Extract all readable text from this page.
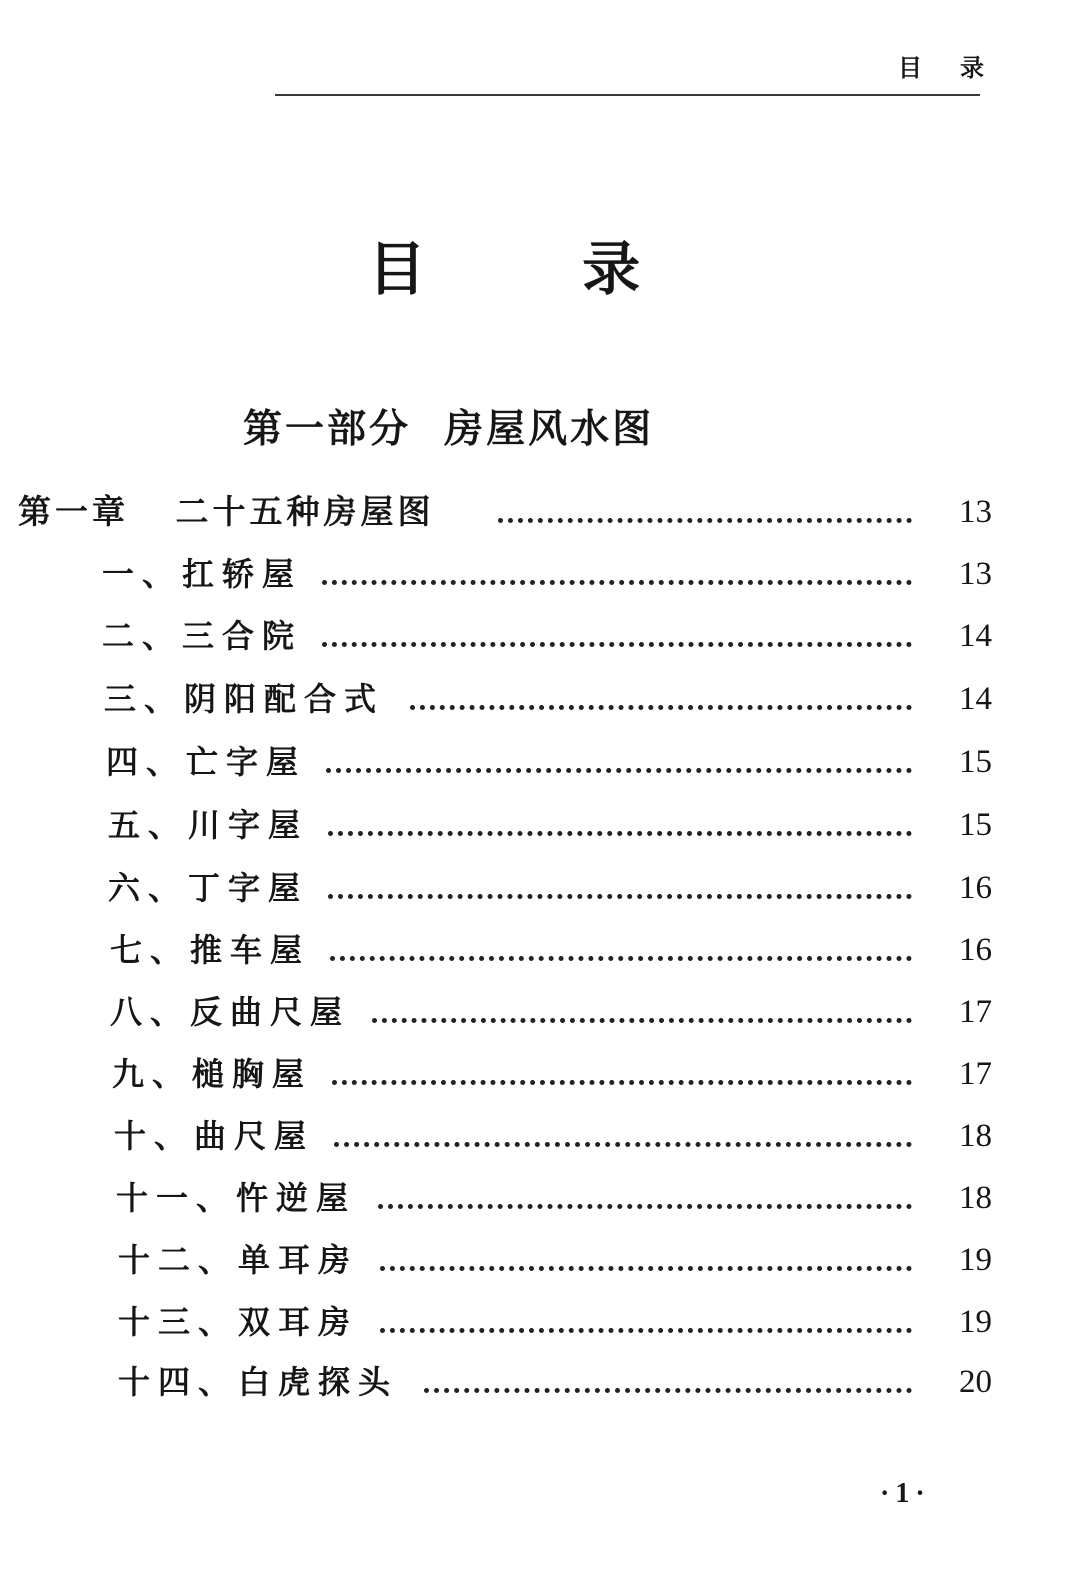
目录
目 录
第一部分  房屋风水图
第一章   二十五种房屋图	13
一、扛轿屋	13
二、三合院	14
三、阴阳配合式	14
四、亡字屋	15
五、川字屋	15
六、丁字屋	16
七、推车屋	16
八、反曲尺屋	17
九、槌胸屋	17
十、曲尺屋	18
十一、忤逆屋	18
十二、单耳房	19
十三、双耳房	19
十四、白虎探头	20
·1·
